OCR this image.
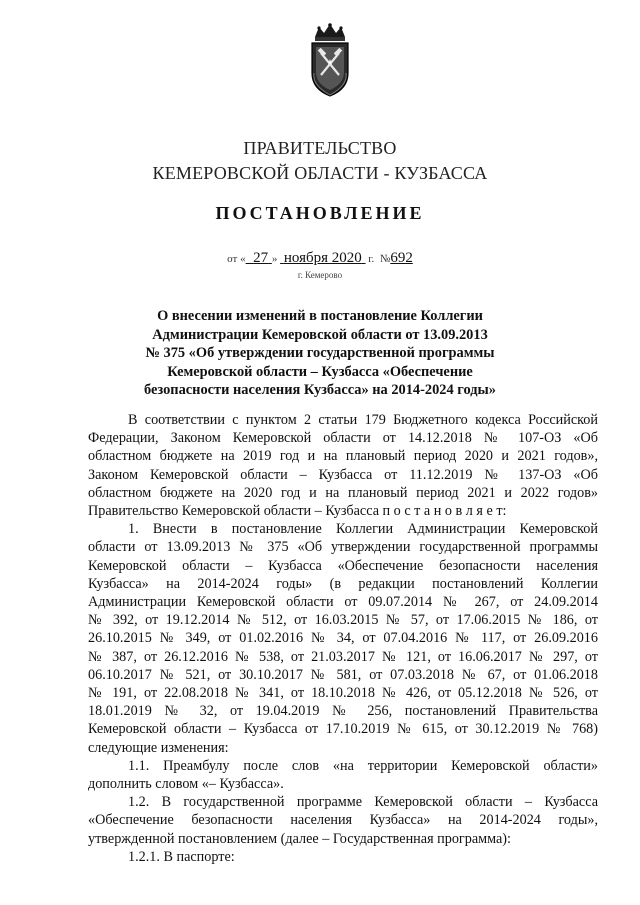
ПРАВИТЕЛЬСТВО
КЕМЕРОВСКОЙ ОБЛАСТИ - КУЗБАССА
ПОСТАНОВЛЕНИЕ
от « 27 » ноября 2020 г. №692
г. Кемерово
О внесении изменений в постановление Коллегии
Администрации Кемеровской области от 13.09.2013
№ 375 «Об утверждении государственной программы
Кемеровской области – Кузбасса «Обеспечение
безопасности населения Кузбасса» на 2014-2024 годы»
В соответствии с пунктом 2 статьи 179 Бюджетного кодекса Российской
Федерации, Законом Кемеровской области от 14.12.2018 № 107-ОЗ «Об
областном бюджете на 2019 год и на плановый период 2020 и 2021 годов»,
Законом Кемеровской области – Кузбасса от 11.12.2019 № 137-ОЗ «Об
областном бюджете на 2020 год и на плановый период 2021 и 2022 годов»
Правительство Кемеровской области – Кузбасса п о с т а н о в л я е т:
1. Внести в постановление Коллегии Администрации Кемеровской
области от 13.09.2013 № 375 «Об утверждении государственной программы
Кемеровской области – Кузбасса «Обеспечение безопасности населения
Кузбасса» на 2014-2024 годы» (в редакции постановлений Коллегии
Администрации Кемеровской области от 09.07.2014 № 267, от 24.09.2014
№ 392, от 19.12.2014 № 512, от 16.03.2015 № 57, от 17.06.2015 № 186, от
26.10.2015 № 349, от 01.02.2016 № 34, от 07.04.2016 № 117, от 26.09.2016
№ 387, от 26.12.2016 № 538, от 21.03.2017 № 121, от 16.06.2017 № 297, от
06.10.2017 № 521, от 30.10.2017 № 581, от 07.03.2018 № 67, от 01.06.2018
№ 191, от 22.08.2018 № 341, от 18.10.2018 № 426, от 05.12.2018 № 526, от
18.01.2019 № 32, от 19.04.2019 № 256, постановлений Правительства
Кемеровской области – Кузбасса от 17.10.2019 № 615, от 30.12.2019 № 768)
следующие изменения:
1.1. Преамбулу после слов «на территории Кемеровской области»
дополнить словом «– Кузбасса».
1.2. В государственной программе Кемеровской области – Кузбасса
«Обеспечение безопасности населения Кузбасса» на 2014-2024 годы»,
утвержденной постановлением (далее – Государственная программа):
1.2.1. В паспорте:
